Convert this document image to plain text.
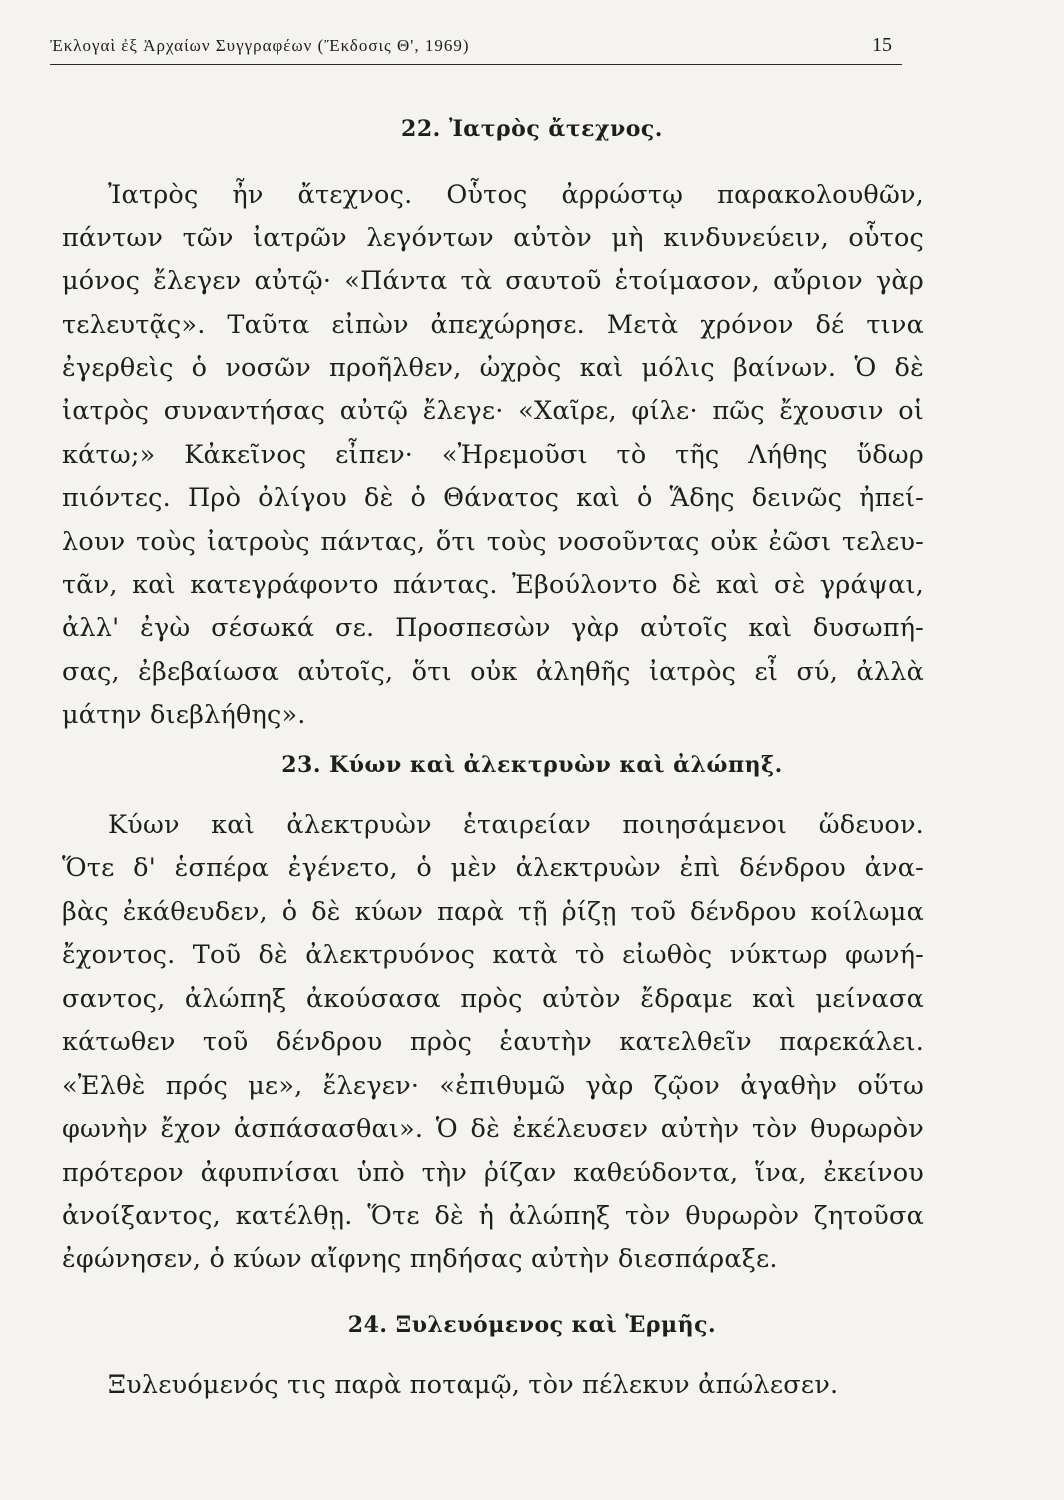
Ἐκλογαὶ ἐξ Ἀρχαίων Συγγραφέων (Ἔκδοσις Θ', 1969)	15
22. Ἰατρὸς ἄτεχνος.
Ἰατρὸς ἦν ἄτεχνος. Οὗτος ἀρρώστῳ παρακολουθῶν,
πάντων τῶν ἰατρῶν λεγόντων αὐτὸν μὴ κινδυνεύειν, οὗτος
μόνος ἔλεγεν αὐτῷ· «Πάντα τὰ σαυτοῦ ἑτοίμασον, αὔριον γὰρ
τελευτᾷς». Ταῦτα εἰπὼν ἀπεχώρησε. Μετὰ χρόνον δέ τινα
ἐγερθεὶς ὁ νοσῶν προῆλθεν, ὠχρὸς καὶ μόλις βαίνων. Ὁ δὲ
ἰατρὸς συναντήσας αὐτῷ ἔλεγε· «Χαῖρε, φίλε· πῶς ἔχουσιν οἱ
κάτω;» Κἀκεῖνος εἶπεν· «Ἠρεμοῦσι τὸ τῆς Λήθης ὕδωρ
πιόντες. Πρὸ ὀλίγου δὲ ὁ Θάνατος καὶ ὁ Ἅδης δεινῶς ἠπεί-
λουν τοὺς ἰατροὺς πάντας, ὅτι τοὺς νοσοῦντας οὐκ ἐῶσι τελευ-
τᾶν, καὶ κατεγράφοντο πάντας. Ἐβούλοντο δὲ καὶ σὲ γράψαι,
ἀλλ' ἐγὼ σέσωκά σε. Προσπεσὼν γὰρ αὐτοῖς καὶ δυσωπή-
σας, ἐβεβαίωσα αὐτοῖς, ὅτι οὐκ ἀληθῆς ἰατρὸς εἶ σύ, ἀλλὰ
μάτην διεβλήθης».
23. Κύων καὶ ἀλεκτρυὼν καὶ ἀλώπηξ.
Κύων καὶ ἀλεκτρυὼν ἑταιρείαν ποιησάμενοι ὥδευον.
Ὅτε δ' ἑσπέρα ἐγένετο, ὁ μὲν ἀλεκτρυὼν ἐπὶ δένδρου ἀνα-
βὰς ἐκάθευδεν, ὁ δὲ κύων παρὰ τῇ ῥίζῃ τοῦ δένδρου κοίλωμα
ἔχοντος. Τοῦ δὲ ἀλεκτρυόνος κατὰ τὸ εἰωθὸς νύκτωρ φωνή-
σαντος, ἀλώπηξ ἀκούσασα πρὸς αὐτὸν ἔδραμε καὶ μείνασα
κάτωθεν τοῦ δένδρου πρὸς ἑαυτὴν κατελθεῖν παρεκάλει.
«Ἐλθὲ πρός με», ἔλεγεν· «ἐπιθυμῶ γὰρ ζῷον ἀγαθὴν οὕτω
φωνὴν ἔχον ἀσπάσασθαι». Ὁ δὲ ἐκέλευσεν αὐτὴν τὸν θυρωρὸν
πρότερον ἀφυπνίσαι ὑπὸ τὴν ῥίζαν καθεύδοντα, ἵνα, ἐκείνου
ἀνοίξαντος, κατέλθῃ. Ὅτε δὲ ἡ ἀλώπηξ τὸν θυρωρὸν ζητοῦσα
ἐφώνησεν, ὁ κύων αἴφνης πηδήσας αὐτὴν διεσπάραξε.
24. Ξυλευόμενος καὶ Ἑρμῆς.
Ξυλευόμενός τις παρὰ ποταμῷ, τὸν πέλεκυν ἀπώλεσεν.
